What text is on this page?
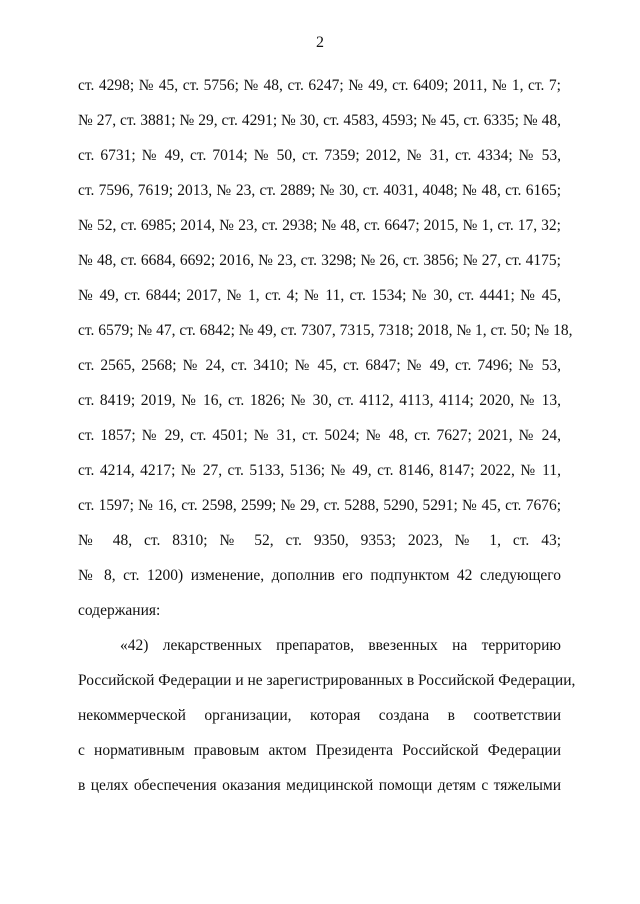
2
ст. 4298; № 45, ст. 5756; № 48, ст. 6247; № 49, ст. 6409; 2011, № 1, ст. 7;
№ 27, ст. 3881; № 29, ст. 4291; № 30, ст. 4583, 4593; № 45, ст. 6335; № 48,
ст. 6731; № 49, ст. 7014; № 50, ст. 7359; 2012, № 31, ст. 4334; № 53,
ст. 7596, 7619; 2013, № 23, ст. 2889; № 30, ст. 4031, 4048; № 48, ст. 6165;
№ 52, ст. 6985; 2014, № 23, ст. 2938; № 48, ст. 6647; 2015, № 1, ст. 17, 32;
№ 48, ст. 6684, 6692; 2016, № 23, ст. 3298; № 26, ст. 3856; № 27, ст. 4175;
№ 49, ст. 6844; 2017, № 1, ст. 4; № 11, ст. 1534; № 30, ст. 4441; № 45,
ст. 6579; № 47, ст. 6842; № 49, ст. 7307, 7315, 7318; 2018, № 1, ст. 50; № 18,
ст. 2565, 2568; № 24, ст. 3410; № 45, ст. 6847; № 49, ст. 7496; № 53,
ст. 8419; 2019, № 16, ст. 1826; № 30, ст. 4112, 4113, 4114; 2020, № 13,
ст. 1857; № 29, ст. 4501; № 31, ст. 5024; № 48, ст. 7627; 2021, № 24,
ст. 4214, 4217; № 27, ст. 5133, 5136; № 49, ст. 8146, 8147; 2022, № 11,
ст. 1597; № 16, ст. 2598, 2599; № 29, ст. 5288, 5290, 5291; № 45, ст. 7676;
№ 48, ст. 8310; № 52, ст. 9350, 9353; 2023, № 1, ст. 43;
№ 8, ст. 1200) изменение, дополнив его подпунктом 42 следующего
содержания:
«42) лекарственных препаратов, ввезенных на территорию
Российской Федерации и не зарегистрированных в Российской Федерации,
некоммерческой организации, которая создана в соответствии
с нормативным правовым актом Президента Российской Федерации
в целях обеспечения оказания медицинской помощи детям с тяжелыми
